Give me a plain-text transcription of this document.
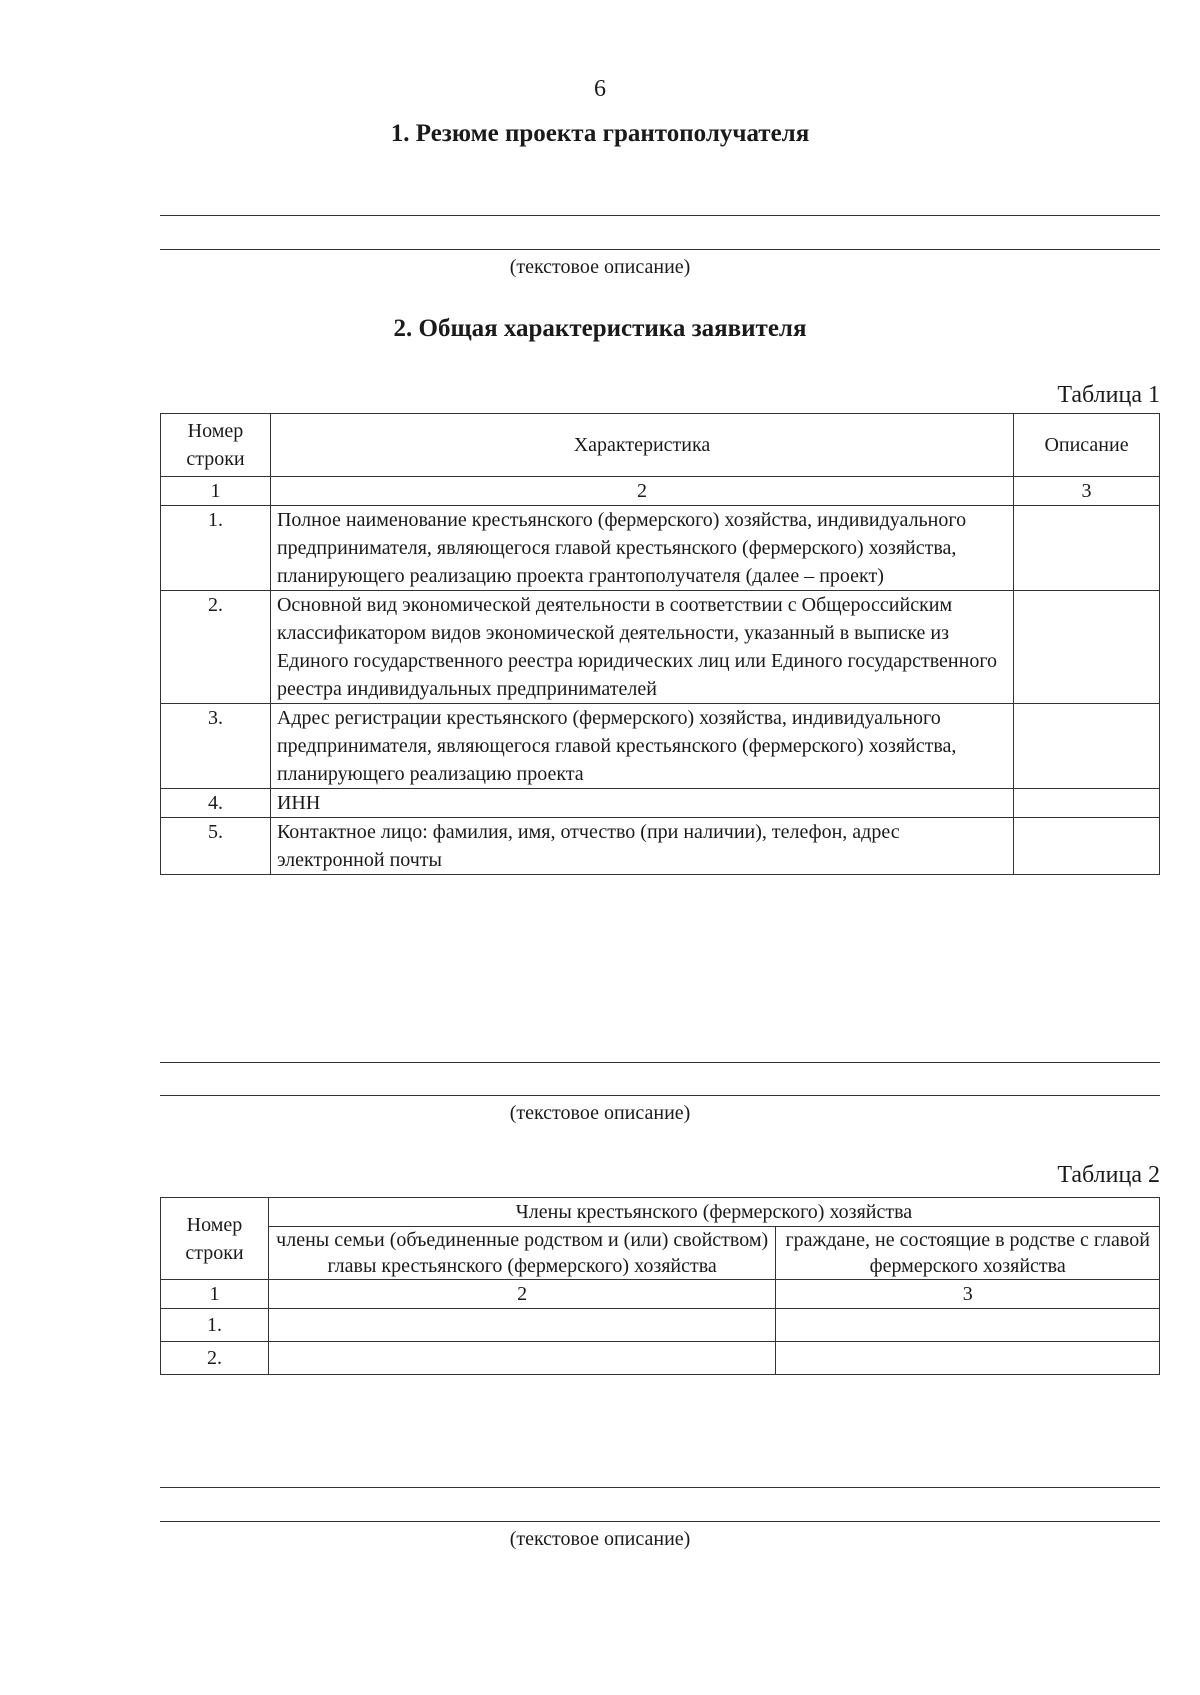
6
1. Резюме проекта грантополучателя
(текстовое описание)
2. Общая характеристика заявителя
Таблица 1
Номер строки	Характеристика	Описание
1	2	3
1.	Полное наименование крестьянского (фермерского) хозяйства, индивидуального предпринимателя, являющегося главой крестьянского (фермерского) хозяйства, планирующего реализацию проекта грантополучателя (далее – проект)	
2.	Основной вид экономической деятельности в соответствии с Общероссийским классификатором видов экономической деятельности, указанный в выписке из Единого государственного реестра юридических лиц или Единого государственного реестра индивидуальных предпринимателей	
3.	Адрес регистрации крестьянского (фермерского) хозяйства, индивидуального предпринимателя, являющегося главой крестьянского (фермерского) хозяйства, планирующего реализацию проекта	
4.	ИНН	
5.	Контактное лицо: фамилия, имя, отчество (при наличии), телефон, адрес электронной почты	
(текстовое описание)
Таблица 2
Номер строки	Члены крестьянского (фермерского) хозяйства	
	члены семьи (объединенные родством и (или) свойством) главы крестьянского (фермерского) хозяйства	граждане, не состоящие в родстве с главой фермерского хозяйства
1	2	3
1.		
2.		
(текстовое описание)
